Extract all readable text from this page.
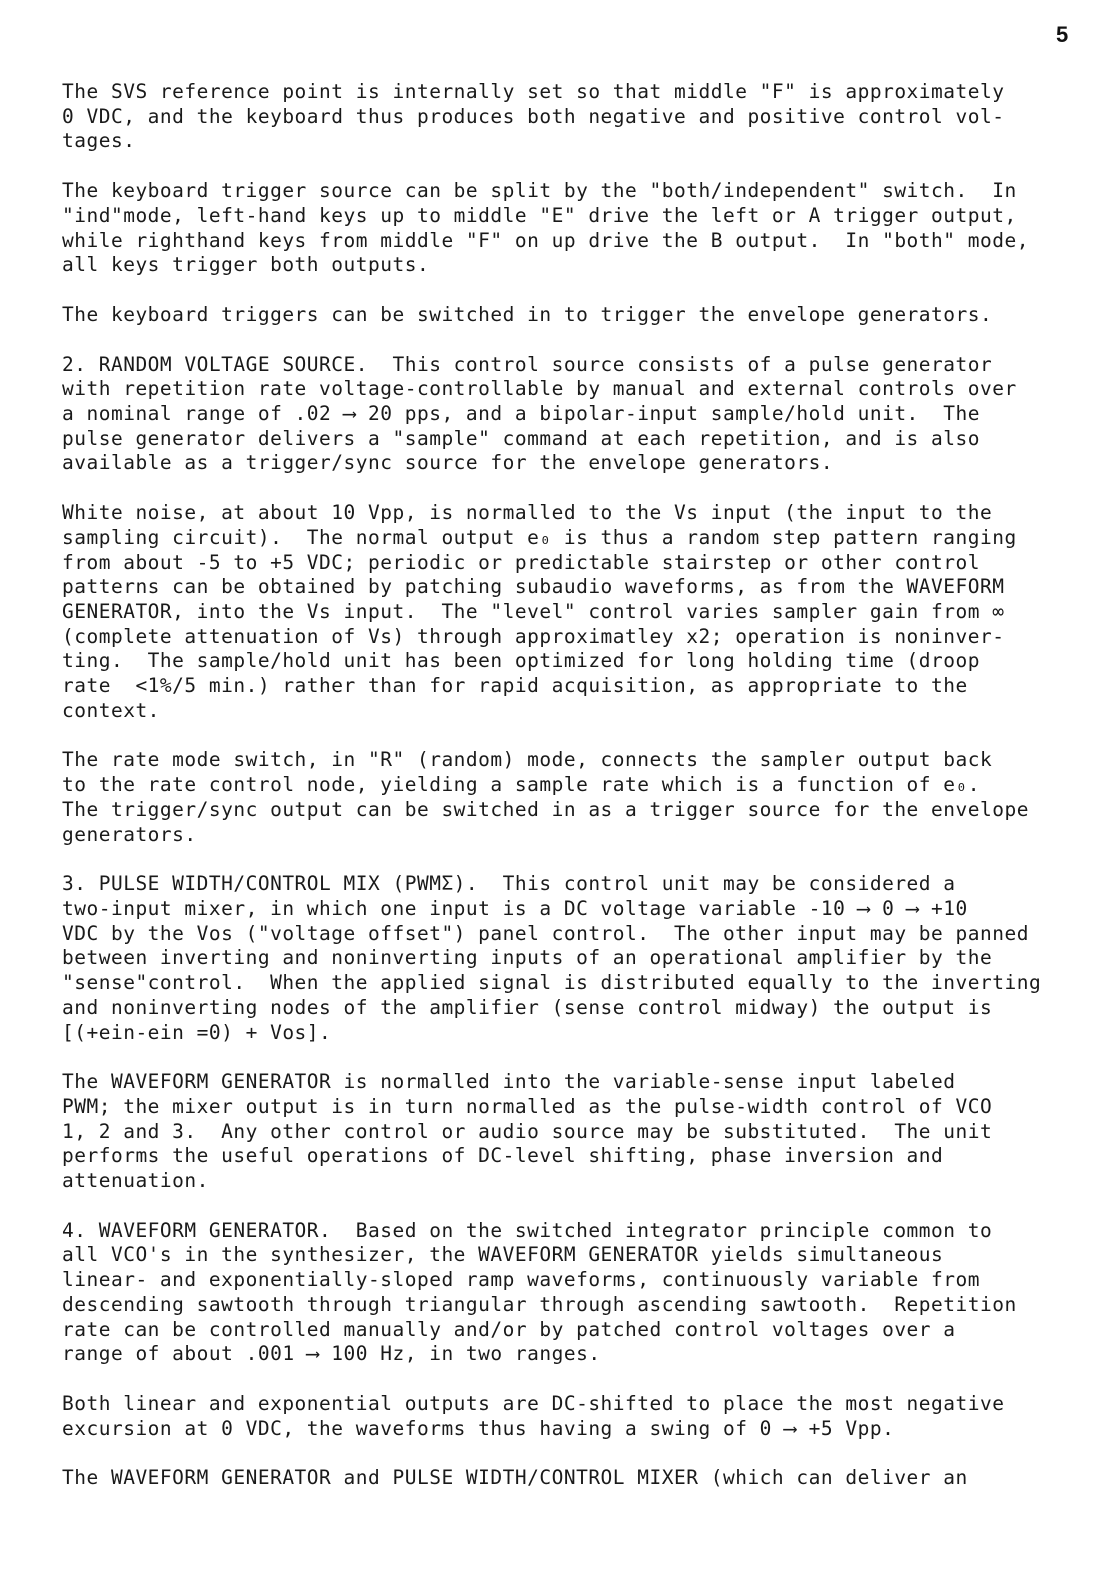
5
The SVS reference point is internally set so that middle "F" is approximately
0 VDC, and the keyboard thus produces both negative and positive control vol-
tages.
The keyboard trigger source can be split by the "both/independent" switch.  In
"ind"mode, left-hand keys up to middle "E" drive the left or A trigger output,
while righthand keys from middle "F" on up drive the B output.  In "both" mode,
all keys trigger both outputs.
The keyboard triggers can be switched in to trigger the envelope generators.
2. RANDOM VOLTAGE SOURCE.  This control source consists of a pulse generator
with repetition rate voltage-controllable by manual and external controls over
a nominal range of .02 ⟶ 20 pps, and a bipolar-input sample/hold unit.  The
pulse generator delivers a "sample" command at each repetition, and is also
available as a trigger/sync source for the envelope generators.
White noise, at about 10 Vpp, is normalled to the Vs input (the input to the
sampling circuit).  The normal output e₀ is thus a random step pattern ranging
from about -5 to +5 VDC; periodic or predictable stairstep or other control
patterns can be obtained by patching subaudio waveforms, as from the WAVEFORM
GENERATOR, into the Vs input.  The "level" control varies sampler gain from ∞
(complete attenuation of Vs) through approximatley x2; operation is noninver-
ting.  The sample/hold unit has been optimized for long holding time (droop
rate  <1%/5 min.) rather than for rapid acquisition, as appropriate to the
context.
The rate mode switch, in "R" (random) mode, connects the sampler output back
to the rate control node, yielding a sample rate which is a function of e₀.
The trigger/sync output can be switched in as a trigger source for the envelope
generators.
3. PULSE WIDTH/CONTROL MIX (PWMΣ).  This control unit may be considered a
two-input mixer, in which one input is a DC voltage variable -10 ⟶ 0 ⟶ +10
VDC by the Vos ("voltage offset") panel control.  The other input may be panned
between inverting and noninverting inputs of an operational amplifier by the
"sense"control.  When the applied signal is distributed equally to the inverting
and noninverting nodes of the amplifier (sense control midway) the output is
[(+ein-ein =0) + Vos].
The WAVEFORM GENERATOR is normalled into the variable-sense input labeled
PWM; the mixer output is in turn normalled as the pulse-width control of VCO
1, 2 and 3.  Any other control or audio source may be substituted.  The unit
performs the useful operations of DC-level shifting, phase inversion and
attenuation.
4. WAVEFORM GENERATOR.  Based on the switched integrator principle common to
all VCO's in the synthesizer, the WAVEFORM GENERATOR yields simultaneous
linear- and exponentially-sloped ramp waveforms, continuously variable from
descending sawtooth through triangular through ascending sawtooth.  Repetition
rate can be controlled manually and/or by patched control voltages over a
range of about .001 ⟶ 100 Hz, in two ranges.
Both linear and exponential outputs are DC-shifted to place the most negative
excursion at 0 VDC, the waveforms thus having a swing of 0 ⟶ +5 Vpp.
The WAVEFORM GENERATOR and PULSE WIDTH/CONTROL MIXER (which can deliver an
